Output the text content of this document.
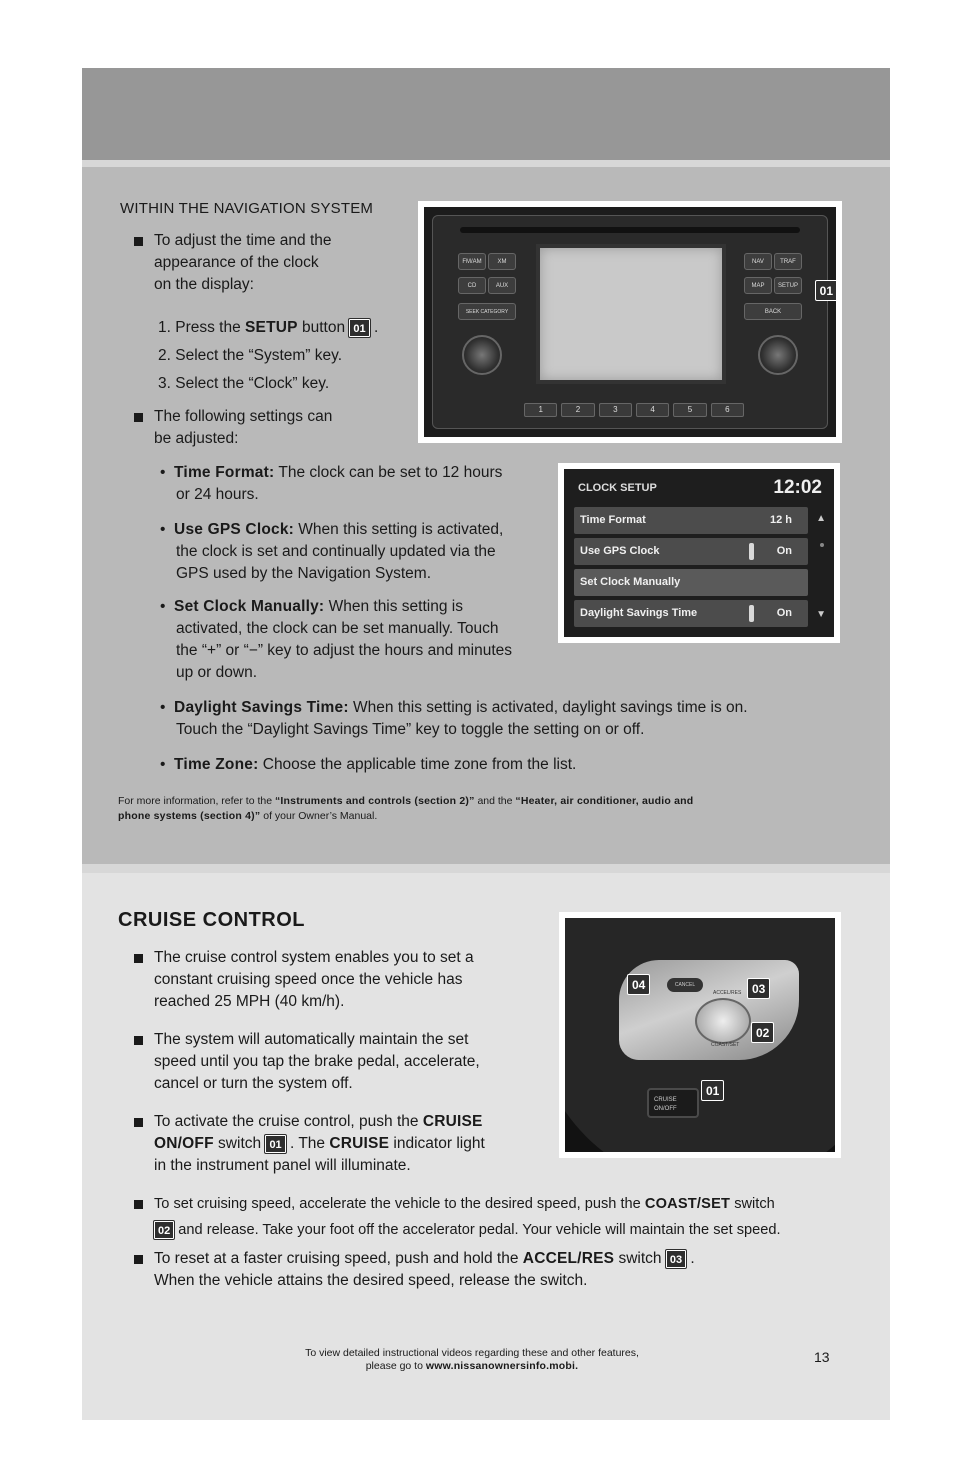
WITHIN THE NAVIGATION SYSTEM
To adjust the time and the
appearance of the clock
on the display:
1. Press the SETUP button 01 .
2. Select the “System” key.
3. Select the “Clock” key.
The following settings can
be adjusted:
•  Time Format: The clock can be set to 12 hours
or 24 hours.
•  Use GPS Clock: When this setting is activated,
the clock is set and continually updated via the
GPS used by the Navigation System.
•  Set Clock Manually: When this setting is
activated, the clock can be set manually. Touch
the “+” or “−” key to adjust the hours and minutes
up or down.
•  Daylight Savings Time: When this setting is activated, daylight savings time is on.
Touch the “Daylight Savings Time” key to toggle the setting on or off.
•  Time Zone: Choose the applicable time zone from the list.
For more information, refer to the “Instruments and controls (section 2)” and the “Heater, air conditioner, audio and
phone systems (section 4)” of your Owner’s Manual.
FM/AM	XM
CD	AUX
SEEK CATEGORY
NAV	TRAF
MAP	SETUP
BACK
1	2	3	4	5	6
01
CLOCK SETUP	12:02
Time Format	12 h
Use GPS Clock	On
Set Clock Manually
Daylight Savings Time	On
▲
▼
CRUISE CONTROL
The cruise control system enables you to set a
constant cruising speed once the vehicle has
reached 25 MPH (40 km/h).
The system will automatically maintain the set
speed until you tap the brake pedal, accelerate,
cancel or turn the system off.
To activate the cruise control, push the CRUISE
ON/OFF switch 01 . The CRUISE indicator light
in the instrument panel will illuminate.
To set cruising speed, accelerate the vehicle to the desired speed, push the COAST/SET switch
02 and release. Take your foot off the accelerator pedal. Your vehicle will maintain the set speed.
To reset at a faster cruising speed, push and hold the ACCEL/RES switch 03 .
When the vehicle attains the desired speed, release the switch.
CANCEL
ACCEL/RES
COAST/SET
CRUISE ON/OFF
04	03
02
01
To view detailed instructional videos regarding these and other features,
please go to www.nissanownersinfo.mobi.
13
